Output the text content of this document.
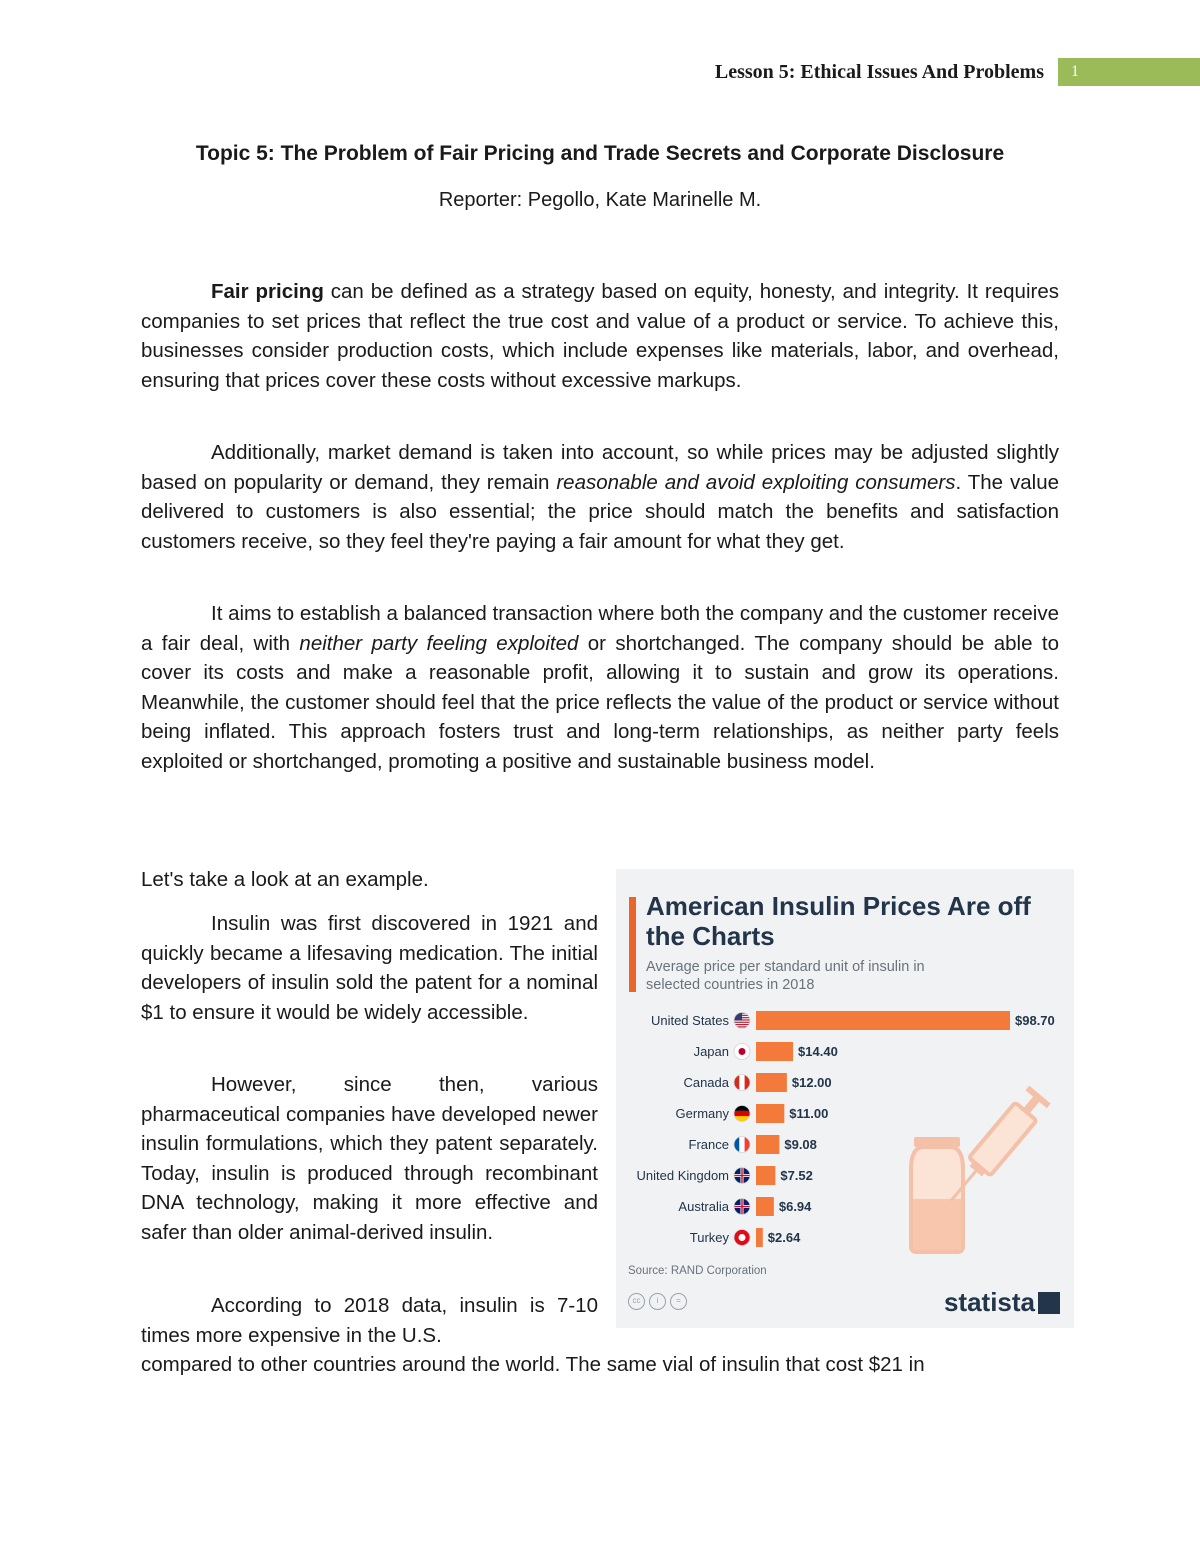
Lesson 5: Ethical Issues And Problems	1
Topic 5: The Problem of Fair Pricing and Trade Secrets and Corporate Disclosure
Reporter: Pegollo, Kate Marinelle M.

Fair pricing can be defined as a strategy based on equity, honesty, and integrity. It requires companies to set prices that reflect the true cost and value of a product or service. To achieve this, businesses consider production costs, which include expenses like materials, labor, and overhead, ensuring that prices cover these costs without excessive markups.

Additionally, market demand is taken into account, so while prices may be adjusted slightly based on popularity or demand, they remain reasonable and avoid exploiting consumers. The value delivered to customers is also essential; the price should match the benefits and satisfaction customers receive, so they feel they're paying a fair amount for what they get.

It aims to establish a balanced transaction where both the company and the customer receive a fair deal, with neither party feeling exploited or shortchanged. The company should be able to cover its costs and make a reasonable profit, allowing it to sustain and grow its operations. Meanwhile, the customer should feel that the price reflects the value of the product or service without being inflated. This approach fosters trust and long-term relationships, as neither party feels exploited or shortchanged, promoting a positive and sustainable business model.

Let's take a look at an example.

Insulin was first discovered in 1921 and quickly became a lifesaving medication. The initial developers of insulin sold the patent for a nominal $1 to ensure it would be widely accessible.

However, since then, various pharmaceutical companies have developed newer insulin formulations, which they patent separately. Today, insulin is produced through recombinant DNA technology, making it more effective and safer than older animal-derived insulin.

According to 2018 data, insulin is 7-10 times more expensive in the U.S.

compared to other countries around the world. The same vial of insulin that cost $21 in

American Insulin Prices Are off the Charts
Average price per standard unit of insulin in selected countries in 2018
United States	$98.70
Japan	$14.40
Canada	$12.00
Germany	$11.00
France	$9.08
United Kingdom	$7.52
Australia	$6.94
Turkey	$2.64
Source: RAND Corporation
cc	i	=	statista
